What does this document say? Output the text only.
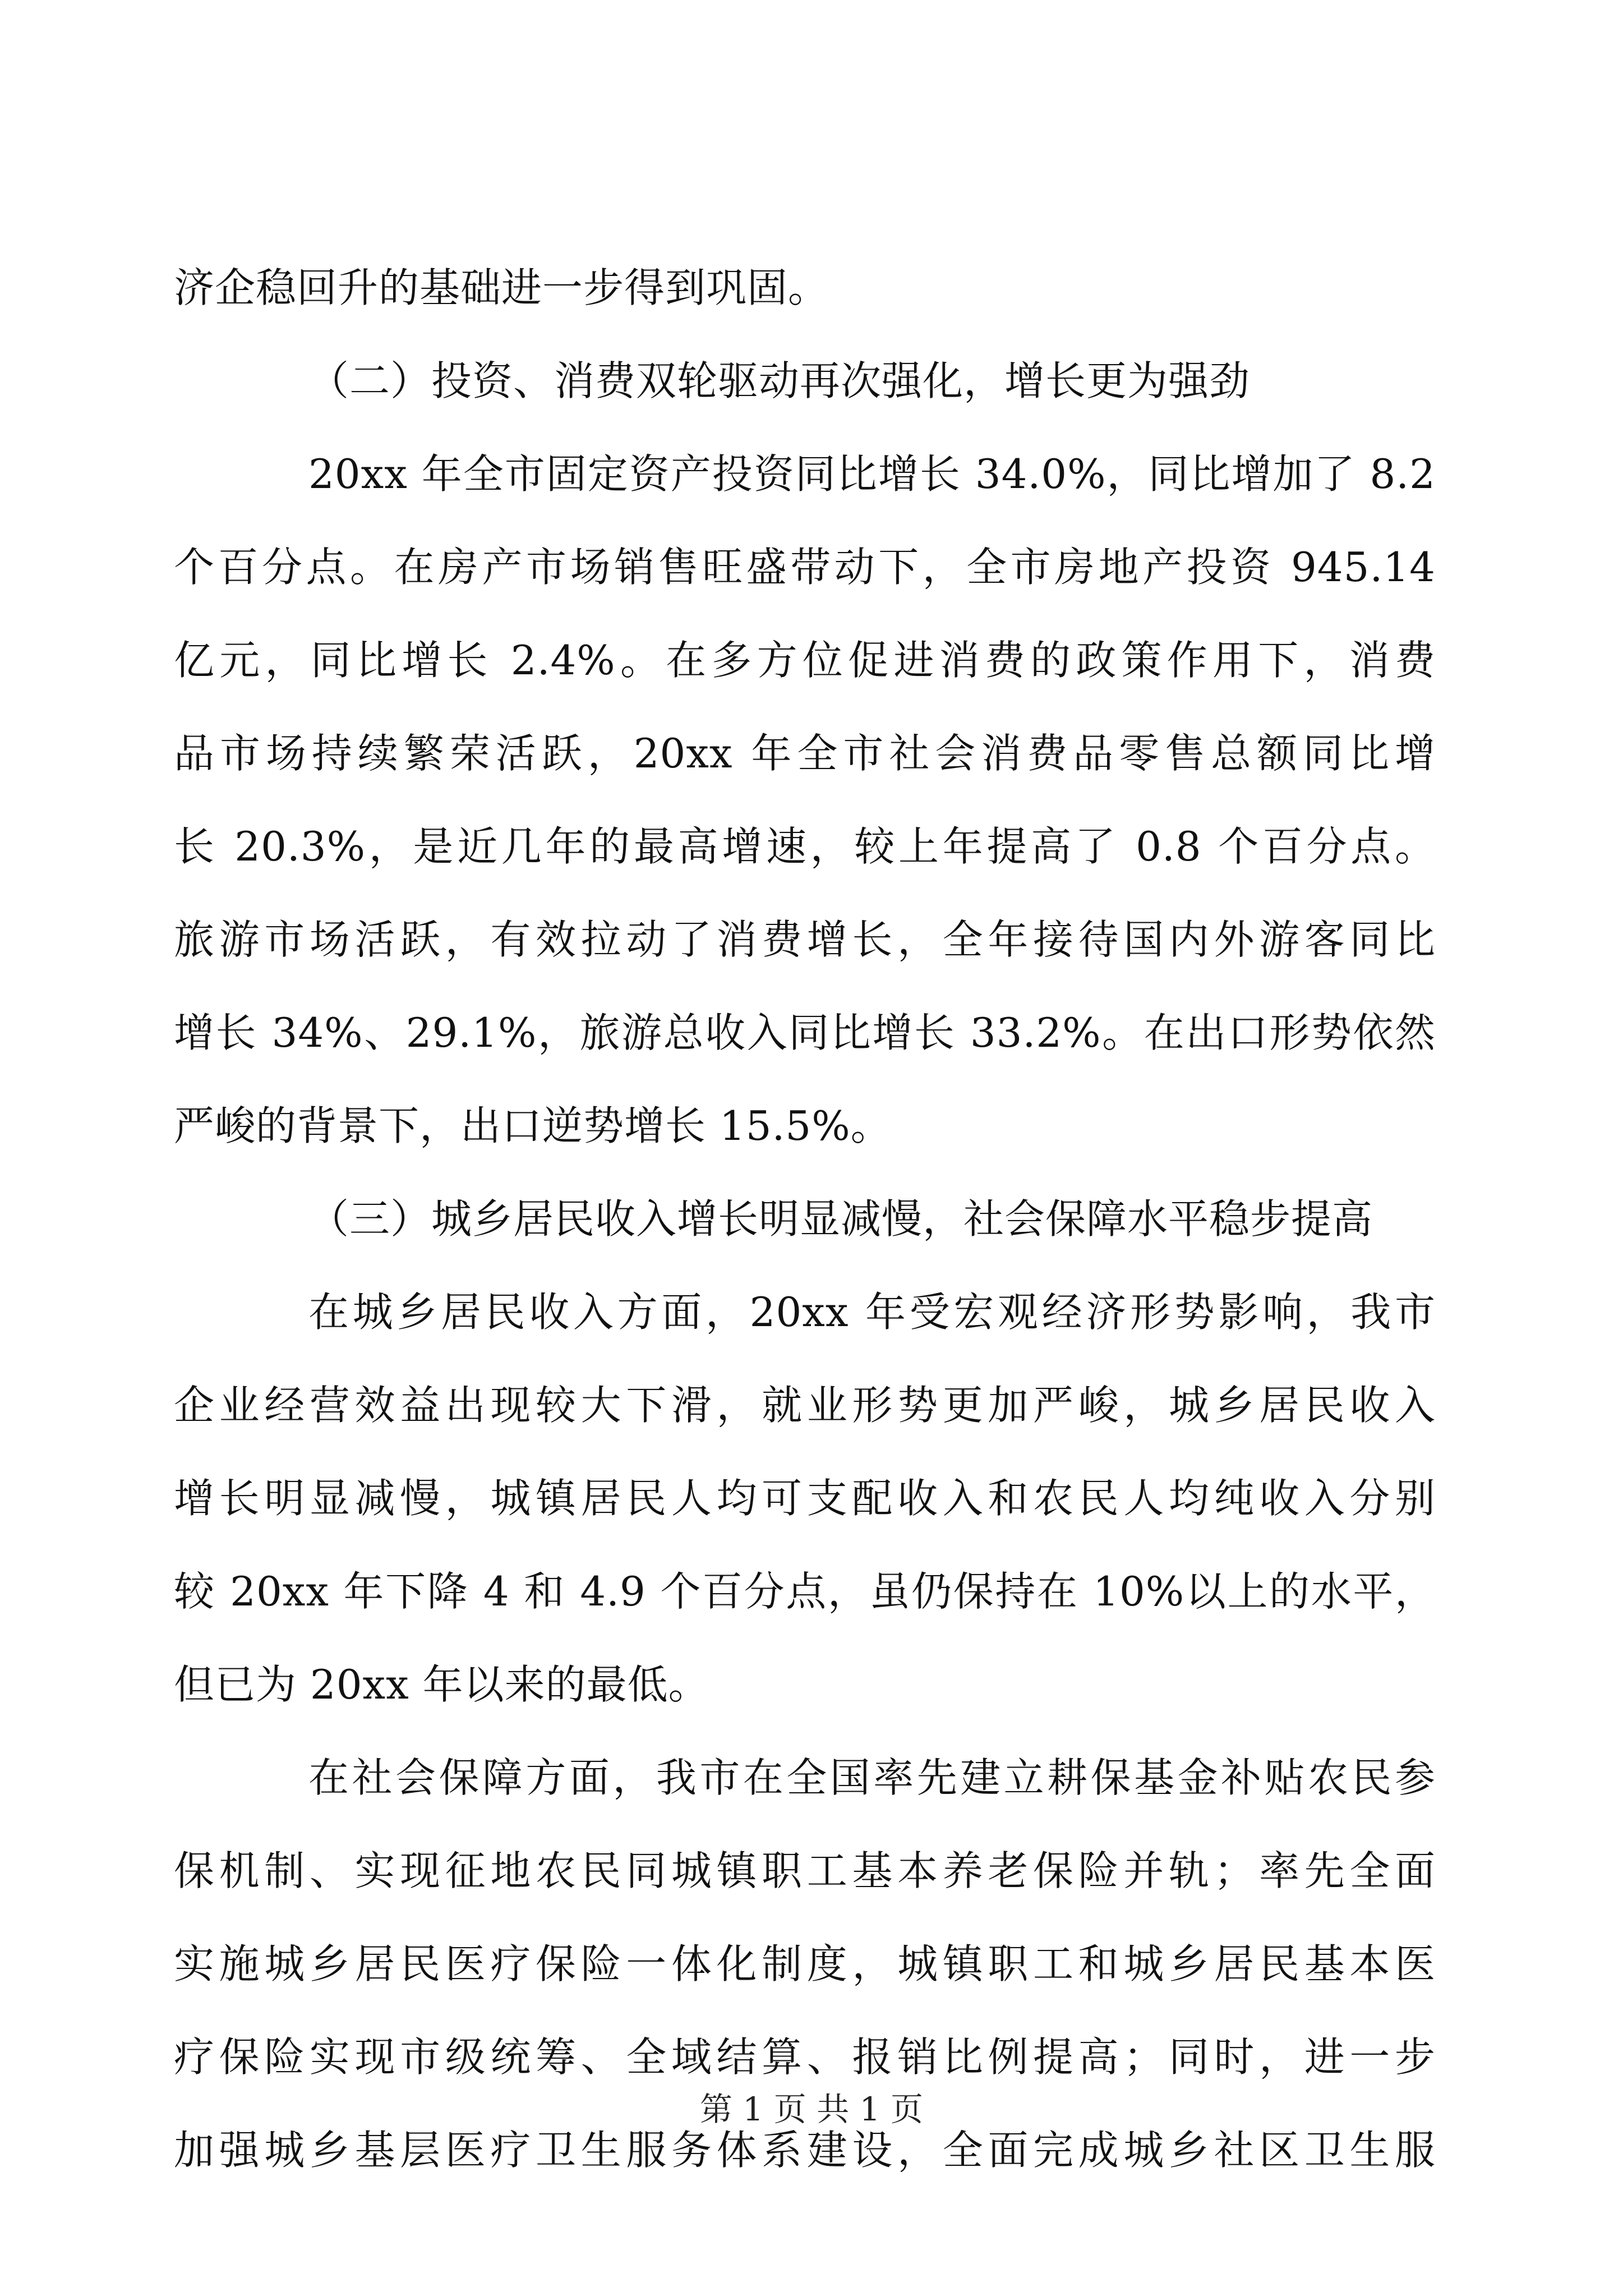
济企稳回升的基础进一步得到巩固。
（二）投资、消费双轮驱动再次强化，增长更为强劲
20xx 年全市固定资产投资同比增长 34.0%，同比增加了 8.2
个百分点。在房产市场销售旺盛带动下，全市房地产投资 945.14
亿元，同比增长 2.4%。在多方位促进消费的政策作用下，消费
品市场持续繁荣活跃，20xx 年全市社会消费品零售总额同比增
长 20.3%，是近几年的最高增速，较上年提高了 0.8 个百分点。
旅游市场活跃，有效拉动了消费增长，全年接待国内外游客同比
增长 34%、29.1%，旅游总收入同比增长 33.2%。在出口形势依然
严峻的背景下，出口逆势增长 15.5%。
（三）城乡居民收入增长明显减慢，社会保障水平稳步提高
在城乡居民收入方面，20xx 年受宏观经济形势影响，我市
企业经营效益出现较大下滑，就业形势更加严峻，城乡居民收入
增长明显减慢，城镇居民人均可支配收入和农民人均纯收入分别
较 20xx 年下降 4 和 4.9 个百分点，虽仍保持在 10%以上的水平，
但已为 20xx 年以来的最低。
在社会保障方面，我市在全国率先建立耕保基金补贴农民参
保机制、实现征地农民同城镇职工基本养老保险并轨；率先全面
实施城乡居民医疗保险一体化制度，城镇职工和城乡居民基本医
疗保险实现市级统筹、全域结算、报销比例提高；同时，进一步
加强城乡基层医疗卫生服务体系建设，全面完成城乡社区卫生服
第 1 页 共 1 页
